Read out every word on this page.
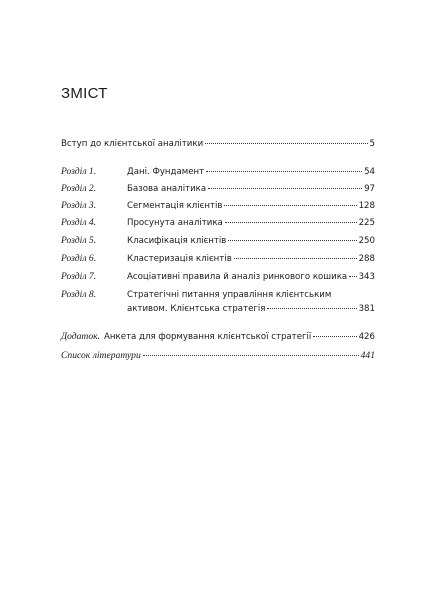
ЗМІСТ
Вступ до клієнтської аналітики	5
Розділ 1.	Дані. Фундамент	54
Розділ 2.	Базова аналітика	97
Розділ 3.	Сегментація клієнтів	128
Розділ 4.	Просунута аналітика	225
Розділ 5.	Класифікація клієнтів	250
Розділ 6.	Кластеризація клієнтів	288
Розділ 7.	Асоціативні правила й аналіз ринкового кошика 343
Розділ 8.	Стратегічні питання управління клієнтським
активом. Клієнтська стратегія	381
Додаток. Анкета для формування клієнтської стратегії	426
Список літератури	441
